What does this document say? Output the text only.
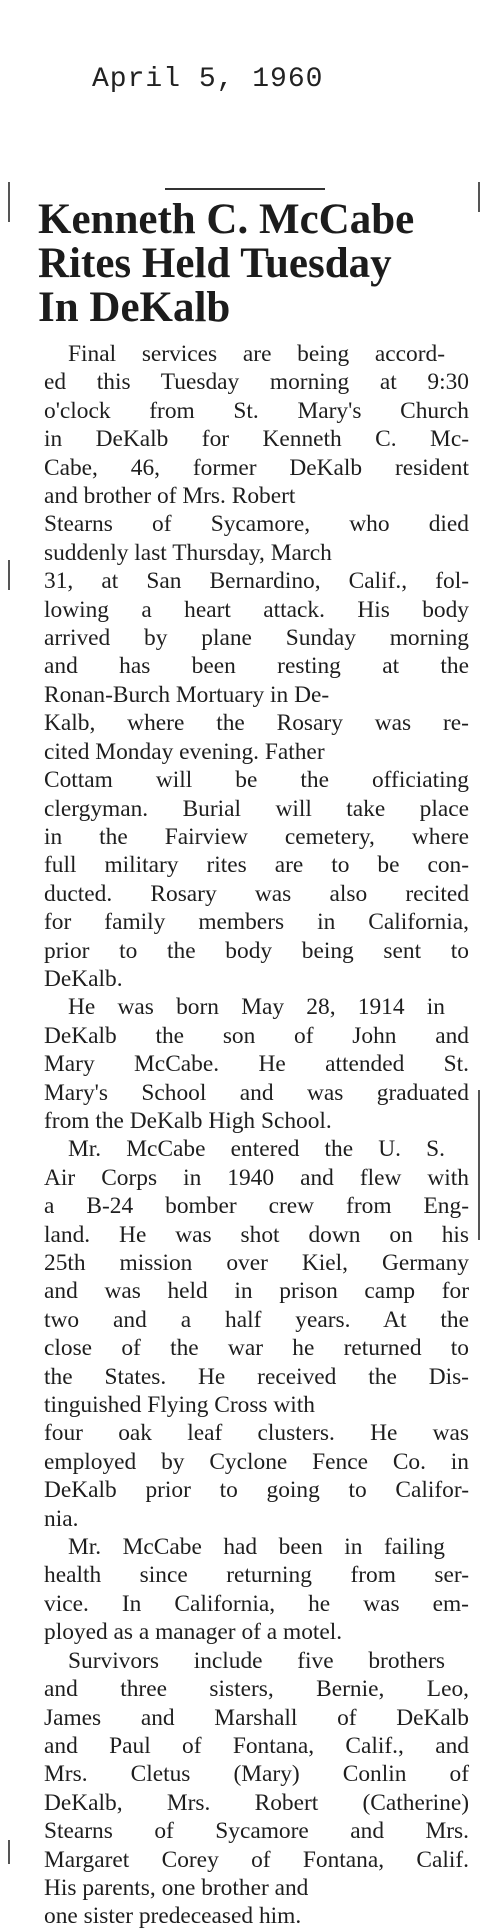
April 5, 1960
Kenneth C. McCabe
Rites Held Tuesday
In DeKalb

Final services are being accord-
ed this Tuesday morning at 9:30
o'clock from St. Mary's Church
in DeKalb for Kenneth C. Mc-
Cabe, 46, former DeKalb resident
and brother of Mrs. Robert
Stearns of Sycamore, who died
suddenly last Thursday, March
31, at San Bernardino, Calif., fol-
lowing a heart attack. His body
arrived by plane Sunday morning
and has been resting at the
Ronan-Burch Mortuary in De-
Kalb, where the Rosary was re-
cited Monday evening. Father
Cottam will be the officiating
clergyman. Burial will take place
in the Fairview cemetery, where
full military rites are to be con-
ducted. Rosary was also recited
for family members in California,
prior to the body being sent to
DeKalb.

He was born May 28, 1914 in
DeKalb the son of John and
Mary McCabe. He attended St.
Mary's School and was graduated
from the DeKalb High School.

Mr. McCabe entered the U. S.
Air Corps in 1940 and flew with
a B-24 bomber crew from Eng-
land. He was shot down on his
25th mission over Kiel, Germany
and was held in prison camp for
two and a half years. At the
close of the war he returned to
the States. He received the Dis-
tinguished Flying Cross with
four oak leaf clusters. He was
employed by Cyclone Fence Co. in
DeKalb prior to going to Califor-
nia.

Mr. McCabe had been in failing
health since returning from ser-
vice. In California, he was em-
ployed as a manager of a motel.

Survivors include five brothers
and three sisters, Bernie, Leo,
James and Marshall of DeKalb
and Paul of Fontana, Calif., and
Mrs. Cletus (Mary) Conlin of
DeKalb, Mrs. Robert (Catherine)
Stearns of Sycamore and Mrs.
Margaret Corey of Fontana, Calif.
His parents, one brother and
one sister predeceased him.
